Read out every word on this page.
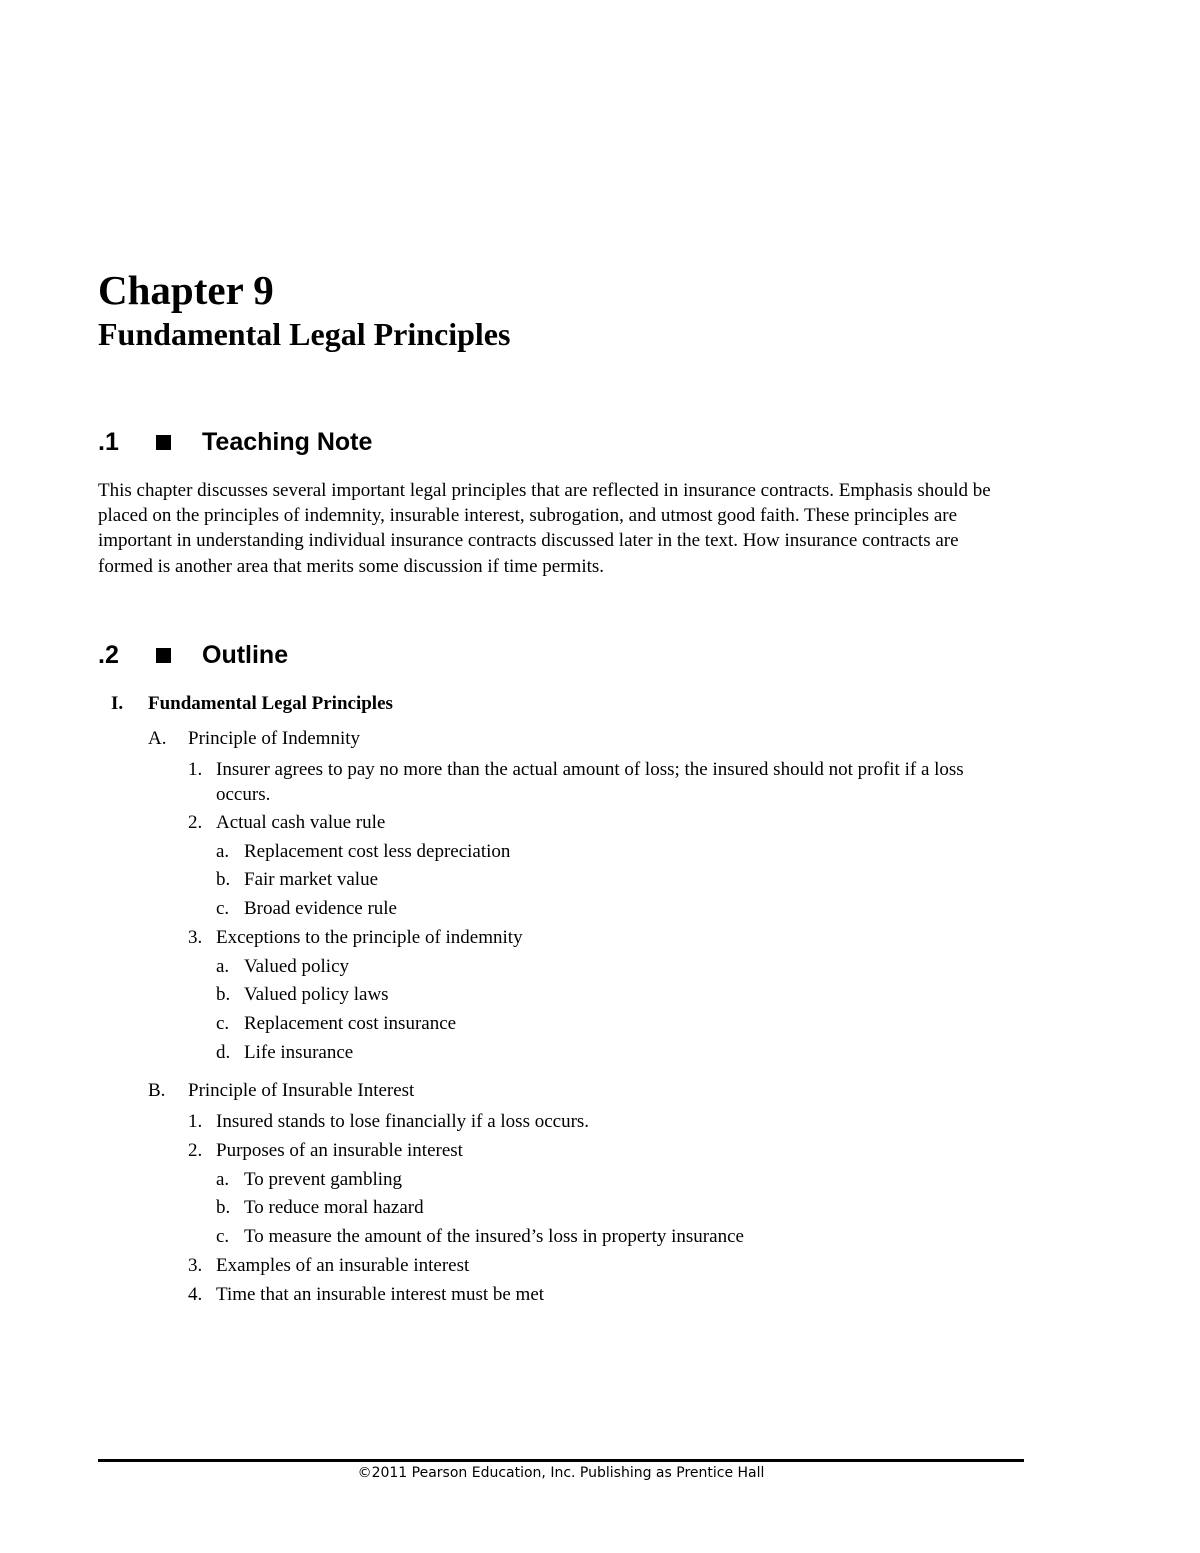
Chapter 9
Fundamental Legal Principles
.1	Teaching Note

This chapter discusses several important legal principles that are reflected in insurance contracts. Emphasis should be placed on the principles of indemnity, insurable interest, subrogation, and utmost good faith. These principles are important in understanding individual insurance contracts discussed later in the text. How insurance contracts are formed is another area that merits some discussion if time permits.

.2	Outline
I. Fundamental Legal Principles
A. Principle of Indemnity
1. Insurer agrees to pay no more than the actual amount of loss; the insured should not profit if a loss occurs.
2. Actual cash value rule
a. Replacement cost less depreciation
b. Fair market value
c. Broad evidence rule
3. Exceptions to the principle of indemnity
a. Valued policy
b. Valued policy laws
c. Replacement cost insurance
d. Life insurance
B. Principle of Insurable Interest
1. Insured stands to lose financially if a loss occurs.
2. Purposes of an insurable interest
a. To prevent gambling
b. To reduce moral hazard
c. To measure the amount of the insured’s loss in property insurance
3. Examples of an insurable interest
4. Time that an insurable interest must be met
©2011 Pearson Education, Inc. Publishing as Prentice Hall
